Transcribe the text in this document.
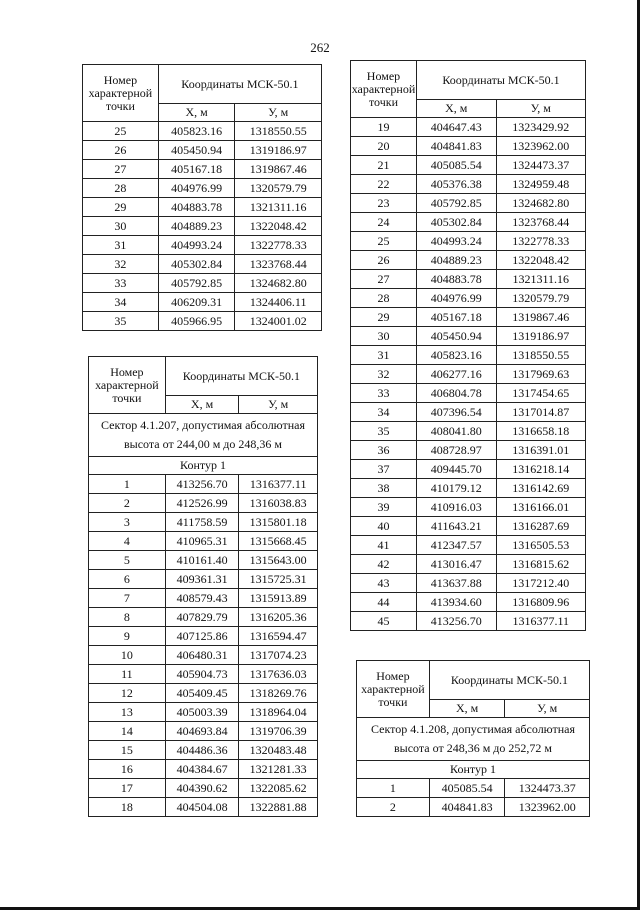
262
Номер характерной точки	Координаты МСК-50.1	
	Х, м	У, м
25	405823.16	1318550.55
26	405450.94	1319186.97
27	405167.18	1319867.46
28	404976.99	1320579.79
29	404883.78	1321311.16
30	404889.23	1322048.42
31	404993.24	1322778.33
32	405302.84	1323768.44
33	405792.85	1324682.80
34	406209.31	1324406.11
35	405966.95	1324001.02
Номер характерной точки	Координаты МСК-50.1	
	Х, м	У, м
Сектор 4.1.207, допустимая абсолютная высота от 244,00 м до 248,36 м		
Контур 1		
1	413256.70	1316377.11
2	412526.99	1316038.83
3	411758.59	1315801.18
4	410965.31	1315668.45
5	410161.40	1315643.00
6	409361.31	1315725.31
7	408579.43	1315913.89
8	407829.79	1316205.36
9	407125.86	1316594.47
10	406480.31	1317074.23
11	405904.73	1317636.03
12	405409.45	1318269.76
13	405003.39	1318964.04
14	404693.84	1319706.39
15	404486.36	1320483.48
16	404384.67	1321281.33
17	404390.62	1322085.62
18	404504.08	1322881.88
Номер характерной точки	Координаты МСК-50.1	
	Х, м	У, м
19	404647.43	1323429.92
20	404841.83	1323962.00
21	405085.54	1324473.37
22	405376.38	1324959.48
23	405792.85	1324682.80
24	405302.84	1323768.44
25	404993.24	1322778.33
26	404889.23	1322048.42
27	404883.78	1321311.16
28	404976.99	1320579.79
29	405167.18	1319867.46
30	405450.94	1319186.97
31	405823.16	1318550.55
32	406277.16	1317969.63
33	406804.78	1317454.65
34	407396.54	1317014.87
35	408041.80	1316658.18
36	408728.97	1316391.01
37	409445.70	1316218.14
38	410179.12	1316142.69
39	410916.03	1316166.01
40	411643.21	1316287.69
41	412347.57	1316505.53
42	413016.47	1316815.62
43	413637.88	1317212.40
44	413934.60	1316809.96
45	413256.70	1316377.11
Номер характерной точки	Координаты МСК-50.1	
	Х, м	У, м
Сектор 4.1.208, допустимая абсолютная высота от 248,36 м до 252,72 м		
Контур 1		
1	405085.54	1324473.37
2	404841.83	1323962.00
